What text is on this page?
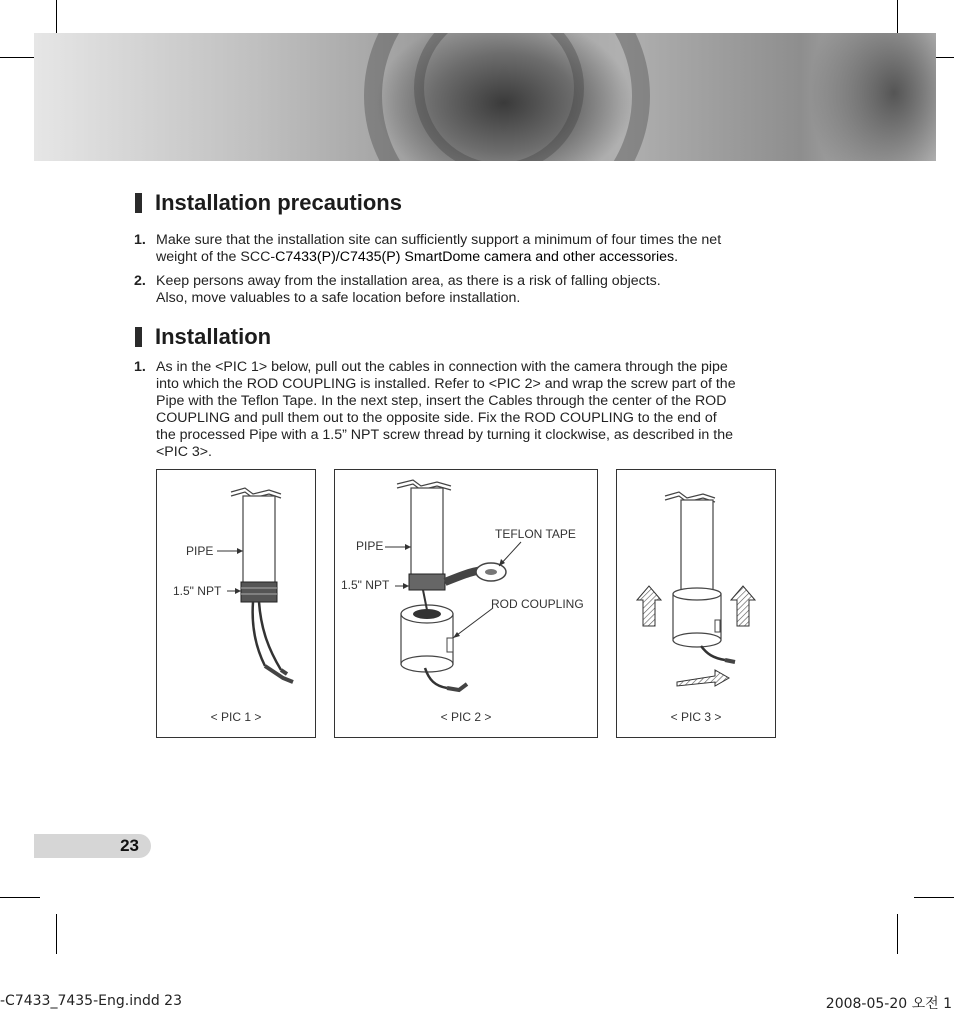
Installation precautions
1. Make sure that the installation site can sufficiently support a minimum of four times the net
weight of the SCC-C7433(P)/C7435(P) SmartDome camera and other accessories.
2. Keep persons away from the installation area, as there is a risk of falling objects.
Also, move valuables to a safe location before installation.
Installation
1. As in the <PIC 1> below, pull out the cables in connection with the camera through the pipe
into which the ROD COUPLING is installed. Refer to <PIC 2> and wrap the screw part of the
Pipe with the Teflon Tape. In the next step, insert the Cables through the center of the ROD
COUPLING and pull them out to the opposite side. Fix the ROD COUPLING to the end of
the processed Pipe with a 1.5” NPT screw thread by turning it clockwise, as described in the
<PIC 3>.
PIPE
1.5" NPT
< PIC 1 >
PIPE
1.5" NPT
TEFLON TAPE
ROD COUPLING
< PIC 2 >	< PIC 3 >
23
-C7433_7435-Eng.indd 23	2008-05-20 오전 1
